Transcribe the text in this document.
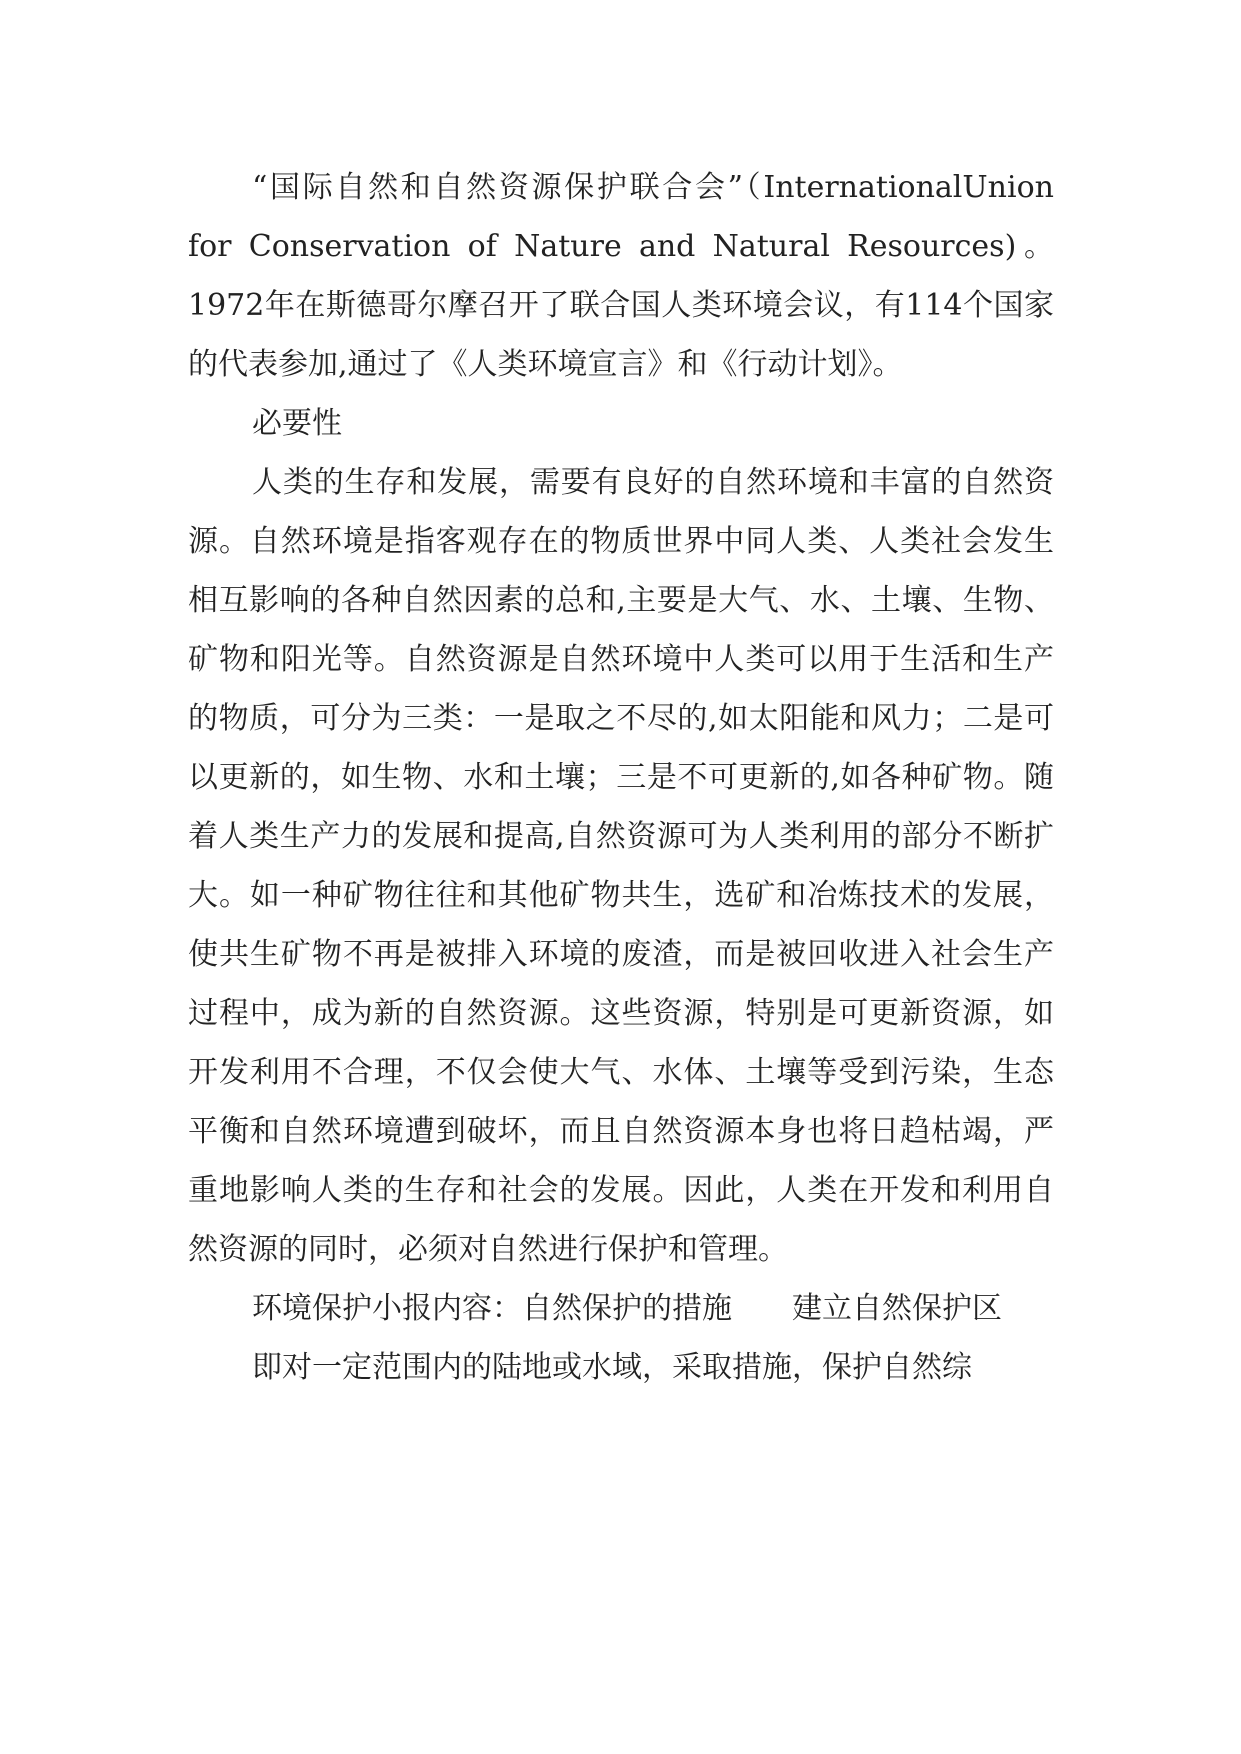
“国际自然和自然资源保护联合会”（InternationalUnion for Conservation of Nature and Natural Resources)。1972年在斯德哥尔摩召开了联合国人类环境会议，有114个国家的代表参加,通过了《人类环境宣言》和《行动计划》。

必要性

人类的生存和发展，需要有良好的自然环境和丰富的自然资源。自然环境是指客观存在的物质世界中同人类、人类社会发生相互影响的各种自然因素的总和,主要是大气、水、土壤、生物、矿物和阳光等。自然资源是自然环境中人类可以用于生活和生产的物质，可分为三类：一是取之不尽的,如太阳能和风力；二是可以更新的，如生物、水和土壤；三是不可更新的,如各种矿物。随着人类生产力的发展和提高,自然资源可为人类利用的部分不断扩大。如一种矿物往往和其他矿物共生，选矿和冶炼技术的发展，使共生矿物不再是被排入环境的废渣，而是被回收进入社会生产过程中，成为新的自然资源。这些资源，特别是可更新资源，如开发利用不合理，不仅会使大气、水体、土壤等受到污染，生态平衡和自然环境遭到破坏，而且自然资源本身也将日趋枯竭，严重地影响人类的生存和社会的发展。因此，人类在开发和利用自然资源的同时，必须对自然进行保护和管理。

环境保护小报内容：自然保护的措施　　建立自然保护区

即对一定范围内的陆地或水域，采取措施，保护自然综
